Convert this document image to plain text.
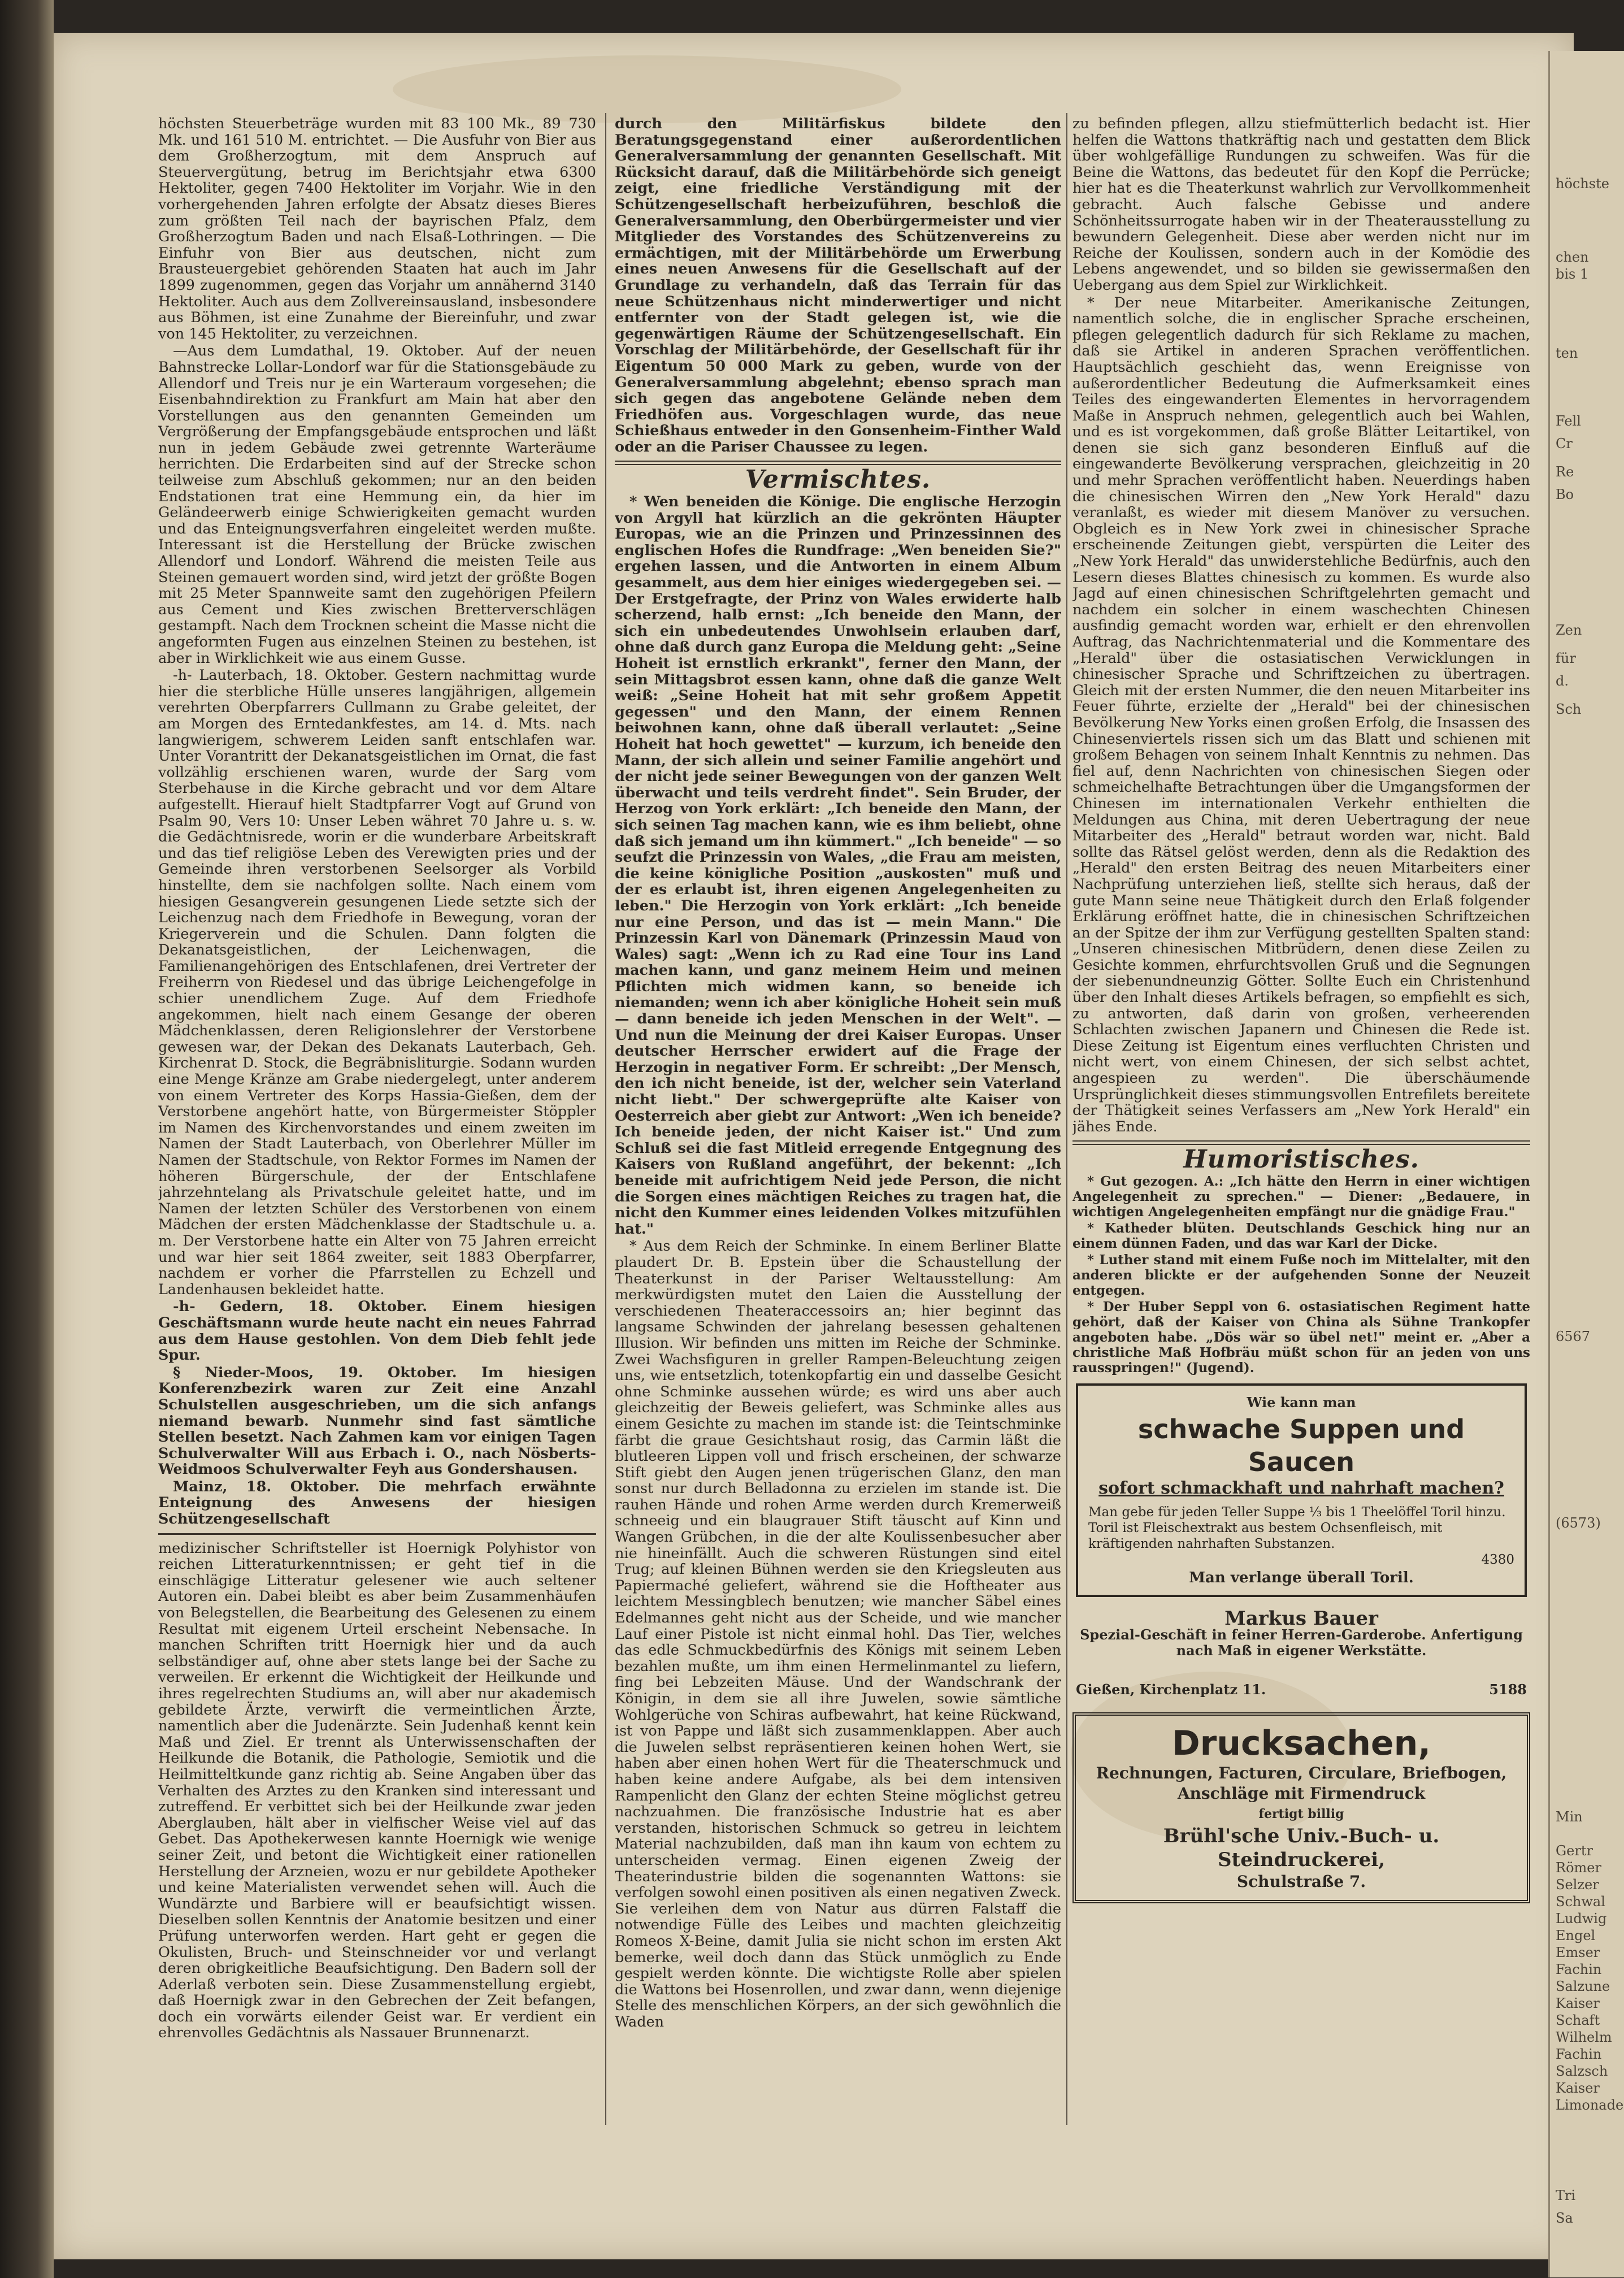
höchsten Steuerbeträge wurden mit 83 100 Mk., 89 730 Mk. und 161 510 M. entrichtet. — Die Ausfuhr von Bier aus dem Großherzogtum, mit dem Anspruch auf Steuervergütung, betrug im Berichtsjahr etwa 6300 Hektoliter, gegen 7400 Hektoliter im Vorjahr. Wie in den vorhergehenden Jahren erfolgte der Absatz dieses Bieres zum größten Teil nach der bayrischen Pfalz, dem Großherzogtum Baden und nach Elsaß-Lothringen. — Die Einfuhr von Bier aus deutschen, nicht zum Brausteuergebiet gehörenden Staaten hat auch im Jahr 1899 zugenommen, gegen das Vorjahr um annähernd 3140 Hektoliter. Auch aus dem Zollvereinsausland, insbesondere aus Böhmen, ist eine Zunahme der Biereinfuhr, und zwar von 145 Hektoliter, zu verzeichnen.

—Aus dem Lumdathal, 19. Oktober. Auf der neuen Bahnstrecke Lollar-Londorf war für die Stationsgebäude zu Allendorf und Treis nur je ein Warteraum vorgesehen; die Eisenbahndirektion zu Frankfurt am Main hat aber den Vorstellungen aus den genannten Gemeinden um Vergrößerung der Empfangsgebäude entsprochen und läßt nun in jedem Gebäude zwei getrennte Warteräume herrichten. Die Erdarbeiten sind auf der Strecke schon teilweise zum Abschluß gekommen; nur an den beiden Endstationen trat eine Hemmung ein, da hier im Geländeerwerb einige Schwierigkeiten gemacht wurden und das Enteignungsverfahren eingeleitet werden mußte. Interessant ist die Herstellung der Brücke zwischen Allendorf und Londorf. Während die meisten Teile aus Steinen gemauert worden sind, wird jetzt der größte Bogen mit 25 Meter Spannweite samt den zugehörigen Pfeilern aus Cement und Kies zwischen Bretterverschlägen gestampft. Nach dem Trocknen scheint die Masse nicht die angeformten Fugen aus einzelnen Steinen zu bestehen, ist aber in Wirklichkeit wie aus einem Gusse.

-h- Lauterbach, 18. Oktober. Gestern nachmittag wurde hier die sterbliche Hülle unseres langjährigen, allgemein verehrten Oberpfarrers Cullmann zu Grabe geleitet, der am Morgen des Erntedankfestes, am 14. d. Mts. nach langwierigem, schwerem Leiden sanft entschlafen war. Unter Vorantritt der Dekanatsgeistlichen im Ornat, die fast vollzählig erschienen waren, wurde der Sarg vom Sterbehause in die Kirche gebracht und vor dem Altare aufgestellt. Hierauf hielt Stadtpfarrer Vogt auf Grund von Psalm 90, Vers 10: Unser Leben währet 70 Jahre u. s. w. die Gedächtnisrede, worin er die wunderbare Arbeitskraft und das tief religiöse Leben des Verewigten pries und der Gemeinde ihren verstorbenen Seelsorger als Vorbild hinstellte, dem sie nachfolgen sollte. Nach einem vom hiesigen Gesangverein gesungenen Liede setzte sich der Leichenzug nach dem Friedhofe in Bewegung, voran der Kriegerverein und die Schulen. Dann folgten die Dekanatsgeistlichen, der Leichenwagen, die Familienangehörigen des Entschlafenen, drei Vertreter der Freiherrn von Riedesel und das übrige Leichengefolge in schier unendlichem Zuge. Auf dem Friedhofe angekommen, hielt nach einem Gesange der oberen Mädchenklassen, deren Religionslehrer der Verstorbene gewesen war, der Dekan des Dekanats Lauterbach, Geh. Kirchenrat D. Stock, die Begräbnisliturgie. Sodann wurden eine Menge Kränze am Grabe niedergelegt, unter anderem von einem Vertreter des Korps Hassia-Gießen, dem der Verstorbene angehört hatte, von Bürgermeister Stöppler im Namen des Kirchenvorstandes und einem zweiten im Namen der Stadt Lauterbach, von Oberlehrer Müller im Namen der Stadtschule, von Rektor Formes im Namen der höheren Bürgerschule, der der Entschlafene jahrzehntelang als Privatschule geleitet hatte, und im Namen der letzten Schüler des Verstorbenen von einem Mädchen der ersten Mädchenklasse der Stadtschule u. a. m. Der Verstorbene hatte ein Alter von 75 Jahren erreicht und war hier seit 1864 zweiter, seit 1883 Oberpfarrer, nachdem er vorher die Pfarrstellen zu Echzell und Landenhausen bekleidet hatte.

-h- Gedern, 18. Oktober. Einem hiesigen Geschäftsmann wurde heute nacht ein neues Fahrrad aus dem Hause gestohlen. Von dem Dieb fehlt jede Spur.

§ Nieder-Moos, 19. Oktober. Im hiesigen Konferenzbezirk waren zur Zeit eine Anzahl Schulstellen ausgeschrieben, um die sich anfangs niemand bewarb. Nunmehr sind fast sämtliche Stellen besetzt. Nach Zahmen kam vor einigen Tagen Schulverwalter Will aus Erbach i. O., nach Nösberts-Weidmoos Schulverwalter Feyh aus Gondershausen.

Mainz, 18. Oktober. Die mehrfach erwähnte Enteignung des Anwesens der hiesigen Schützengesellschaft

medizinischer Schriftsteller ist Hoernigk Polyhistor von reichen Litteraturkenntnissen; er geht tief in die einschlägige Litteratur gelesener wie auch seltener Autoren ein. Dabei bleibt es aber beim Zusammenhäufen von Belegstellen, die Bearbeitung des Gelesenen zu einem Resultat mit eigenem Urteil erscheint Nebensache. In manchen Schriften tritt Hoernigk hier und da auch selbständiger auf, ohne aber stets lange bei der Sache zu verweilen. Er erkennt die Wichtigkeit der Heilkunde und ihres regelrechten Studiums an, will aber nur akademisch gebildete Ärzte, verwirft die vermeintlichen Ärzte, namentlich aber die Judenärzte. Sein Judenhaß kennt kein Maß und Ziel. Er trennt als Unterwissenschaften der Heilkunde die Botanik, die Pathologie, Semiotik und die Heilmitteltkunde ganz richtig ab. Seine Angaben über das Verhalten des Arztes zu den Kranken sind interessant und zutreffend. Er verbittet sich bei der Heilkunde zwar jeden Aberglauben, hält aber in vielfischer Weise viel auf das Gebet. Das Apothekerwesen kannte Hoernigk wie wenige seiner Zeit, und betont die Wichtigkeit einer rationellen Herstellung der Arzneien, wozu er nur gebildete Apotheker und keine Materialisten verwendet sehen will. Auch die Wundärzte und Barbiere will er beaufsichtigt wissen. Dieselben sollen Kenntnis der Anatomie besitzen und einer Prüfung unterworfen werden. Hart geht er gegen die Okulisten, Bruch- und Steinschneider vor und verlangt deren obrigkeitliche Beaufsichtigung. Den Badern soll der Aderlaß verboten sein. Diese Zusammenstellung ergiebt, daß Hoernigk zwar in den Gebrechen der Zeit befangen, doch ein vorwärts eilender Geist war. Er verdient ein ehrenvolles Gedächtnis als Nassauer Brunnenarzt.

durch den Militärfiskus bildete den Beratungsgegenstand einer außerordentlichen Generalversammlung der genannten Gesellschaft. Mit Rücksicht darauf, daß die Militärbehörde sich geneigt zeigt, eine friedliche Verständigung mit der Schützengesellschaft herbeizuführen, beschloß die Generalversammlung, den Oberbürgermeister und vier Mitglieder des Vorstandes des Schützenvereins zu ermächtigen, mit der Militärbehörde um Erwerbung eines neuen Anwesens für die Gesellschaft auf der Grundlage zu verhandeln, daß das Terrain für das neue Schützenhaus nicht minderwertiger und nicht entfernter von der Stadt gelegen ist, wie die gegenwärtigen Räume der Schützengesellschaft. Ein Vorschlag der Militärbehörde, der Gesellschaft für ihr Eigentum 50 000 Mark zu geben, wurde von der Generalversammlung abgelehnt; ebenso sprach man sich gegen das angebotene Gelände neben dem Friedhöfen aus. Vorgeschlagen wurde, das neue Schießhaus entweder in den Gonsenheim-Finther Wald oder an die Pariser Chaussee zu legen.

Vermischtes.

* Wen beneiden die Könige. Die englische Herzogin von Argyll hat kürzlich an die gekrönten Häupter Europas, wie an die Prinzen und Prinzessinnen des englischen Hofes die Rundfrage: „Wen beneiden Sie?" ergehen lassen, und die Antworten in einem Album gesammelt, aus dem hier einiges wiedergegeben sei. — Der Erstgefragte, der Prinz von Wales erwiderte halb scherzend, halb ernst: „Ich beneide den Mann, der sich ein unbedeutendes Unwohlsein erlauben darf, ohne daß durch ganz Europa die Meldung geht: „Seine Hoheit ist ernstlich erkrankt", ferner den Mann, der sein Mittagsbrot essen kann, ohne daß die ganze Welt weiß: „Seine Hoheit hat mit sehr großem Appetit gegessen" und den Mann, der einem Rennen beiwohnen kann, ohne daß überall verlautet: „Seine Hoheit hat hoch gewettet" — kurzum, ich beneide den Mann, der sich allein und seiner Familie angehört und der nicht jede seiner Bewegungen von der ganzen Welt überwacht und teils verdreht findet". Sein Bruder, der Herzog von York erklärt: „Ich beneide den Mann, der sich seinen Tag machen kann, wie es ihm beliebt, ohne daß sich jemand um ihn kümmert." „Ich beneide" — so seufzt die Prinzessin von Wales, „die Frau am meisten, die keine königliche Position „auskosten" muß und der es erlaubt ist, ihren eigenen Angelegenheiten zu leben." Die Herzogin von York erklärt: „Ich beneide nur eine Person, und das ist — mein Mann." Die Prinzessin Karl von Dänemark (Prinzessin Maud von Wales) sagt: „Wenn ich zu Rad eine Tour ins Land machen kann, und ganz meinem Heim und meinen Pflichten mich widmen kann, so beneide ich niemanden; wenn ich aber königliche Hoheit sein muß — dann beneide ich jeden Menschen in der Welt". — Und nun die Meinung der drei Kaiser Europas. Unser deutscher Herrscher erwidert auf die Frage der Herzogin in negativer Form. Er schreibt: „Der Mensch, den ich nicht beneide, ist der, welcher sein Vaterland nicht liebt." Der schwergeprüfte alte Kaiser von Oesterreich aber giebt zur Antwort: „Wen ich beneide? Ich beneide jeden, der nicht Kaiser ist." Und zum Schluß sei die fast Mitleid erregende Entgegnung des Kaisers von Rußland angeführt, der bekennt: „Ich beneide mit aufrichtigem Neid jede Person, die nicht die Sorgen eines mächtigen Reiches zu tragen hat, die nicht den Kummer eines leidenden Volkes mitzufühlen hat."

* Aus dem Reich der Schminke. In einem Berliner Blatte plaudert Dr. B. Epstein über die Schaustellung der Theaterkunst in der Pariser Weltausstellung: Am merkwürdigsten mutet den Laien die Ausstellung der verschiedenen Theateraccessoirs an; hier beginnt das langsame Schwinden der jahrelang besessen gehaltenen Illusion. Wir befinden uns mitten im Reiche der Schminke. Zwei Wachsfiguren in greller Rampen-Beleuchtung zeigen uns, wie entsetzlich, totenkopfartig ein und dasselbe Gesicht ohne Schminke aussehen würde; es wird uns aber auch gleichzeitig der Beweis geliefert, was Schminke alles aus einem Gesichte zu machen im stande ist: die Teintschminke färbt die graue Gesichtshaut rosig, das Carmin läßt die blutleeren Lippen voll und frisch erscheinen, der schwarze Stift giebt den Augen jenen trügerischen Glanz, den man sonst nur durch Belladonna zu erzielen im stande ist. Die rauhen Hände und rohen Arme werden durch Kremerweiß schneeig und ein blaugrauer Stift täuscht auf Kinn und Wangen Grübchen, in die der alte Koulissenbesucher aber nie hineinfällt. Auch die schweren Rüstungen sind eitel Trug; auf kleinen Bühnen werden sie den Kriegsleuten aus Papiermaché geliefert, während sie die Hoftheater aus leichtem Messingblech benutzen; wie mancher Säbel eines Edelmannes geht nicht aus der Scheide, und wie mancher Lauf einer Pistole ist nicht einmal hohl. Das Tier, welches das edle Schmuckbedürfnis des Königs mit seinem Leben bezahlen mußte, um ihm einen Hermelinmantel zu liefern, fing bei Lebzeiten Mäuse. Und der Wandschrank der Königin, in dem sie all ihre Juwelen, sowie sämtliche Wohlgerüche von Schiras aufbewahrt, hat keine Rückwand, ist von Pappe und läßt sich zusammenklappen. Aber auch die Juwelen selbst repräsentieren keinen hohen Wert, sie haben aber einen hohen Wert für die Theaterschmuck und haben keine andere Aufgabe, als bei dem intensiven Rampenlicht den Glanz der echten Steine möglichst getreu nachzuahmen. Die französische Industrie hat es aber verstanden, historischen Schmuck so getreu in leichtem Material nachzubilden, daß man ihn kaum von echtem zu unterscheiden vermag. Einen eigenen Zweig der Theaterindustrie bilden die sogenannten Wattons: sie verfolgen sowohl einen positiven als einen negativen Zweck. Sie verleihen dem von Natur aus dürren Falstaff die notwendige Fülle des Leibes und machten gleichzeitig Romeos X-Beine, damit Julia sie nicht schon im ersten Akt bemerke, weil doch dann das Stück unmöglich zu Ende gespielt werden könnte. Die wichtigste Rolle aber spielen die Wattons bei Hosenrollen, und zwar dann, wenn diejenige Stelle des menschlichen Körpers, an der sich gewöhnlich die Waden

zu befinden pflegen, allzu stiefmütterlich bedacht ist. Hier helfen die Wattons thatkräftig nach und gestatten dem Blick über wohlgefällige Rundungen zu schweifen. Was für die Beine die Wattons, das bedeutet für den Kopf die Perrücke; hier hat es die Theaterkunst wahrlich zur Vervollkommenheit gebracht. Auch falsche Gebisse und andere Schönheitssurrogate haben wir in der Theaterausstellung zu bewundern Gelegenheit. Diese aber werden nicht nur im Reiche der Koulissen, sondern auch in der Komödie des Lebens angewendet, und so bilden sie gewissermaßen den Uebergang aus dem Spiel zur Wirklichkeit.

* Der neue Mitarbeiter. Amerikanische Zeitungen, namentlich solche, die in englischer Sprache erscheinen, pflegen gelegentlich dadurch für sich Reklame zu machen, daß sie Artikel in anderen Sprachen veröffentlichen. Hauptsächlich geschieht das, wenn Ereignisse von außerordentlicher Bedeutung die Aufmerksamkeit eines Teiles des eingewanderten Elementes in hervorragendem Maße in Anspruch nehmen, gelegentlich auch bei Wahlen, und es ist vorgekommen, daß große Blätter Leitartikel, von denen sie sich ganz besonderen Einfluß auf die eingewanderte Bevölkerung versprachen, gleichzeitig in 20 und mehr Sprachen veröffentlicht haben. Neuerdings haben die chinesischen Wirren den „New York Herald" dazu veranlaßt, es wieder mit diesem Manöver zu versuchen. Obgleich es in New York zwei in chinesischer Sprache erscheinende Zeitungen giebt, verspürten die Leiter des „New York Herald" das unwiderstehliche Bedürfnis, auch den Lesern dieses Blattes chinesisch zu kommen. Es wurde also Jagd auf einen chinesischen Schriftgelehrten gemacht und nachdem ein solcher in einem waschechten Chinesen ausfindig gemacht worden war, erhielt er den ehrenvollen Auftrag, das Nachrichtenmaterial und die Kommentare des „Herald" über die ostasiatischen Verwicklungen in chinesischer Sprache und Schriftzeichen zu übertragen. Gleich mit der ersten Nummer, die den neuen Mitarbeiter ins Feuer führte, erzielte der „Herald" bei der chinesischen Bevölkerung New Yorks einen großen Erfolg, die Insassen des Chinesenviertels rissen sich um das Blatt und schienen mit großem Behagen von seinem Inhalt Kenntnis zu nehmen. Das fiel auf, denn Nachrichten von chinesischen Siegen oder schmeichelhafte Betrachtungen über die Umgangsformen der Chinesen im internationalen Verkehr enthielten die Meldungen aus China, mit deren Uebertragung der neue Mitarbeiter des „Herald" betraut worden war, nicht. Bald sollte das Rätsel gelöst werden, denn als die Redaktion des „Herald" den ersten Beitrag des neuen Mitarbeiters einer Nachprüfung unterziehen ließ, stellte sich heraus, daß der gute Mann seine neue Thätigkeit durch den Erlaß folgender Erklärung eröffnet hatte, die in chinesischen Schriftzeichen an der Spitze der ihm zur Verfügung gestellten Spalten stand: „Unseren chinesischen Mitbrüdern, denen diese Zeilen zu Gesichte kommen, ehrfurchtsvollen Gruß und die Segnungen der siebenundneunzig Götter. Sollte Euch ein Christenhund über den Inhalt dieses Artikels befragen, so empfiehlt es sich, zu antworten, daß darin von großen, verheerenden Schlachten zwischen Japanern und Chinesen die Rede ist. Diese Zeitung ist Eigentum eines verfluchten Christen und nicht wert, von einem Chinesen, der sich selbst achtet, angespieen zu werden". Die überschäumende Ursprünglichkeit dieses stimmungsvollen Entrefilets bereitete der Thätigkeit seines Verfassers am „New York Herald" ein jähes Ende.

Humoristisches.

* Gut gezogen. A.: „Ich hätte den Herrn in einer wichtigen Angelegenheit zu sprechen." — Diener: „Bedauere, in wichtigen Angelegenheiten empfängt nur die gnädige Frau."

* Katheder blüten. Deutschlands Geschick hing nur an einem dünnen Faden, und das war Karl der Dicke.

* Luther stand mit einem Fuße noch im Mittelalter, mit den anderen blickte er der aufgehenden Sonne der Neuzeit entgegen.

* Der Huber Seppl von 6. ostasiatischen Regiment hatte gehört, daß der Kaiser von China als Sühne Trankopfer angeboten habe. „Dös wär so übel net!" meint er. „Aber a christliche Maß Hofbräu müßt schon für an jeden von uns rausspringen!" (Jugend).

Wie kann man
schwache Suppen und Saucen
sofort schmackhaft und nahrhaft machen?
Man gebe für jeden Teller Suppe ⅓ bis 1 Theelöffel Toril hinzu. Toril ist Fleischextrakt aus bestem Ochsenfleisch, mit kräftigenden nahrhaften Substanzen.
4380
Man verlange überall Toril.
Markus Bauer
Spezial-Geschäft in feiner Herren-Garderobe. Anfertigung nach Maß in eigener Werkstätte.
Gießen, Kirchenplatz 11.	5188
Drucksachen,
Rechnungen, Facturen, Circulare, Briefbogen,
Anschläge mit Firmendruck
fertigt billig
Brühl'sche Univ.-Buch- u. Steindruckerei,
Schulstraße 7.
höchste
chen
bis 1
ten
Fell
Cr
Re
Bo
Zen
für
d.
Sch
6567
(6573)
Min
Gertr
Römer
Selzer
Schwal
Ludwig
Engel
Emser
Fachin
Salzune
Kaiser
Schaft
Wilhelm
Fachin
Salzsch
Kaiser
Limonade
Tri
Sa
